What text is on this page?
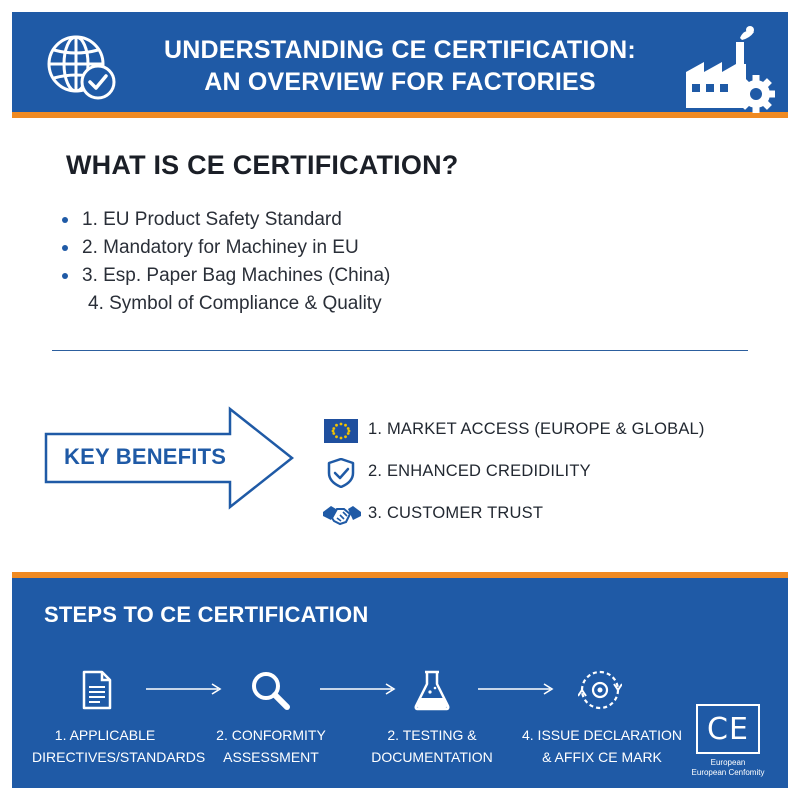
UNDERSTANDING CE CERTIFICATION:
AN OVERVIEW FOR FACTORIES
WHAT IS CE CERTIFICATION?
1. EU Product Safety Standard
2. Mandatory for Machiney in EU
3. Esp. Paper Bag Machines (China)
4. Symbol of Compliance & Quality
KEY BENEFITS
1. MARKET ACCESS (EUROPE & GLOBAL)
2. ENHANCED CREDIDILITY
3. CUSTOMER TRUST
STEPS TO CE CERTIFICATION
1. APPLICABLE
DIRECTIVES/STANDARDS
2. CONFORMITY
ASSESSMENT
2. TESTING &
DOCUMENTATION
4. ISSUE DECLARATION
& AFFIX CE MARK
CE
European
European Cenfomity
